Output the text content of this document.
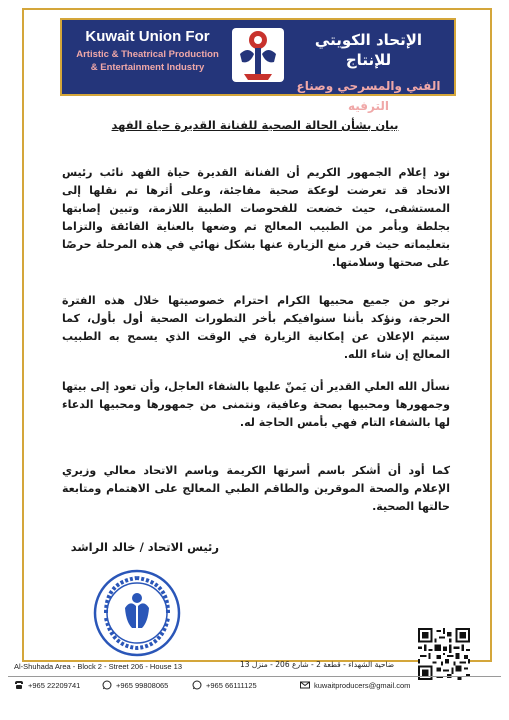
Kuwait Union For
Artistic & Theatrical Production
& Entertainment Industry
الإتحاد الكويتي للإنتاج
الفني والمسرحي وصناع الترفيه

بيان بشأن الحالة الصحية للفنانة القديرة حياة الفهد

نود إعلام الجمهور الكريم أن الفنانة القديرة حياة الفهد نائب رئيس الاتحاد قد تعرضت لوعكة صحية مفاجئة، وعلى أثرها تم نقلها إلى المستشفى، حيث خضعت للفحوصات الطبية اللازمة، وتبين إصابتها بجلطة وبأمر من الطبيب المعالج تم وضعها بالعناية الفائقة والتزاما بتعليماته حيث قرر منع الزيارة عنها بشكل نهائي في هذه المرحلة حرصًا على صحتها وسلامتها.

نرجو من جميع محبيها الكرام احترام خصوصيتها خلال هذه الفترة الحرجة، ونؤكد بأننا سنوافيكم بأخر التطورات الصحية أول بأول، كما سيتم الإعلان عن إمكانية الزيارة في الوقت الذي يسمح به الطبيب المعالج إن شاء الله.

نسأل الله العلي القدير أن يَمنّ عليها بالشفاء العاجل، وأن تعود إلى بيتها وجمهورها ومحبيها بصحة وعافية، ونتمنى من جمهورها ومحبيها الدعاء لها بالشفاء التام فهي بأمس الحاجة له.

كما أود أن أشكر باسم أسرتها الكريمة وباسم الاتحاد معالي وزيري الإعلام والصحة الموقرين والطاقم الطبي المعالج على الاهتمام ومتابعة حالتها الصحية.

رئيس الاتحاد / خالد الراشد

Al-Shuhada Area - Block 2 - Street 206 - House 13	ضاحية الشهداء - قطعة 2 - شارع 206 - منزل 13
+965 22209741	+965 99808065	+965 66111125	kuwaitproducers@gmail.com
